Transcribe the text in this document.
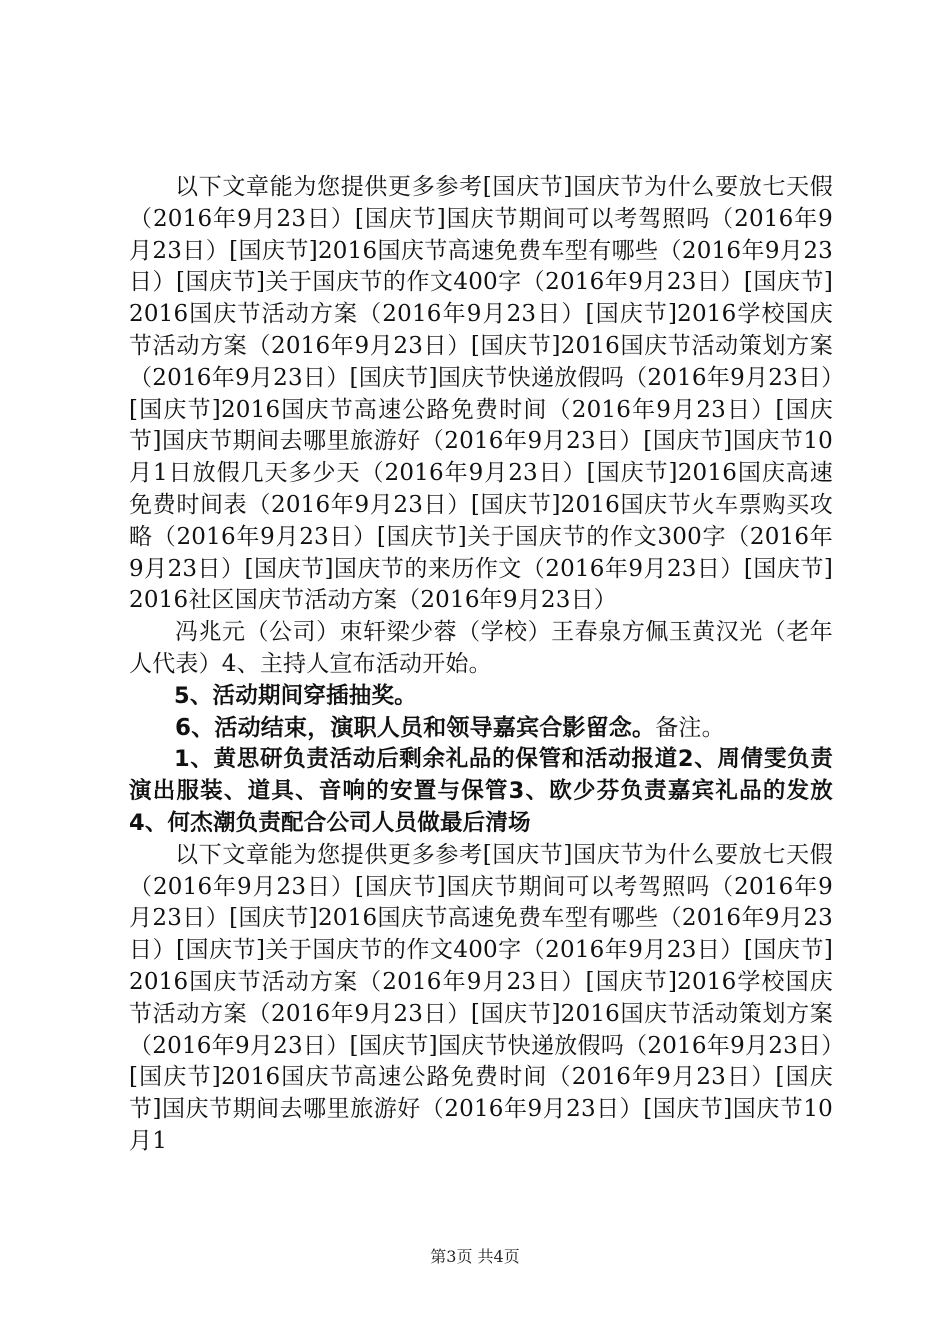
以下文章能为您提供更多参考[国庆节]国庆节为什么要放七天假（2016年9月23日）[国庆节]国庆节期间可以考驾照吗（2016年9月23日）[国庆节]2016国庆节高速免费车型有哪些（2016年9月23日）[国庆节]关于国庆节的作文400字（2016年9月23日）[国庆节]2016国庆节活动方案（2016年9月23日）[国庆节]2016学校国庆节活动方案（2016年9月23日）[国庆节]2016国庆节活动策划方案（2016年9月23日）[国庆节]国庆节快递放假吗（2016年9月23日）[国庆节]2016国庆节高速公路免费时间（2016年9月23日）[国庆节]国庆节期间去哪里旅游好（2016年9月23日）[国庆节]国庆节10月1日放假几天多少天（2016年9月23日）[国庆节]2016国庆高速免费时间表（2016年9月23日）[国庆节]2016国庆节火车票购买攻略（2016年9月23日）[国庆节]关于国庆节的作文300字（2016年9月23日）[国庆节]国庆节的来历作文（2016年9月23日）[国庆节]2016社区国庆节活动方案（2016年9月23日）

冯兆元（公司）朿轩梁少蓉（学校）王春泉方佩玉黄汉光（老年人代表）4、主持人宣布活动开始。

5、活动期间穿插抽奖。

6、活动结束，演职人员和领导嘉宾合影留念。备注。

1、黄思研负责活动后剩余礼品的保管和活动报道2、周倩雯负责演出服装、道具、音响的安置与保管3、欧少芬负责嘉宾礼品的发放4、何杰潮负责配合公司人员做最后清场

以下文章能为您提供更多参考[国庆节]国庆节为什么要放七天假（2016年9月23日）[国庆节]国庆节期间可以考驾照吗（2016年9月23日）[国庆节]2016国庆节高速免费车型有哪些（2016年9月23日）[国庆节]关于国庆节的作文400字（2016年9月23日）[国庆节]2016国庆节活动方案（2016年9月23日）[国庆节]2016学校国庆节活动方案（2016年9月23日）[国庆节]2016国庆节活动策划方案（2016年9月23日）[国庆节]国庆节快递放假吗（2016年9月23日）[国庆节]2016国庆节高速公路免费时间（2016年9月23日）[国庆节]国庆节期间去哪里旅游好（2016年9月23日）[国庆节]国庆节10月1

第3页 共4页
